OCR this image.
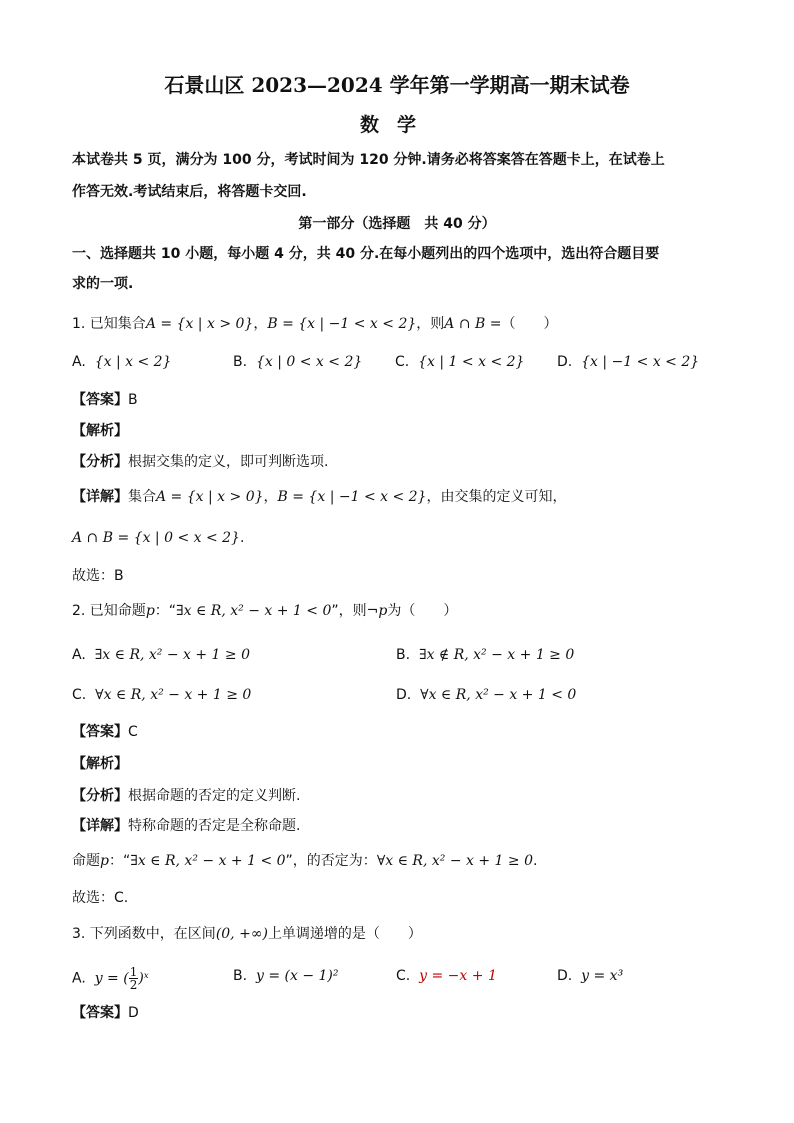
石景山区 2023—2024 学年第一学期高一期末试卷
数学
本试卷共 5 页，满分为 100 分，考试时间为 120 分钟.请务必将答案答在答题卡上，在试卷上
作答无效.考试结束后，将答题卡交回.
第一部分（选择题　共 40 分）
一、选择题共 10 小题，每小题 4 分，共 40 分.在每小题列出的四个选项中，选出符合题目要
求的一项.
1. 已知集合A = {x | x > 0}，B = {x | −1 < x < 2}，则A ∩ B =（　　）
A. {x | x < 2}	B. {x | 0 < x < 2} C. {x | 1 < x < 2} D. {x | −1 < x < 2}
【答案】B
【解析】
【分析】根据交集的定义，即可判断选项.
【详解】集合A = {x | x > 0}，B = {x | −1 < x < 2}，由交集的定义可知，
A ∩ B = {x | 0 < x < 2}.
故选：B
2. 已知命题p：“∃x ∈ R, x² − x + 1 < 0”，则¬p为（　　）
A. ∃x ∈ R, x² − x + 1 ≥ 0	B. ∃x ∉ R, x² − x + 1 ≥ 0
C. ∀x ∈ R, x² − x + 1 ≥ 0	D. ∀x ∈ R, x² − x + 1 < 0
【答案】C
【解析】
【分析】根据命题的否定的定义判断.
【详解】特称命题的否定是全称命题.
命题p：“∃x ∈ R, x² − x + 1 < 0”，的否定为：∀x ∈ R, x² − x + 1 ≥ 0.
故选：C.
3. 下列函数中，在区间(0, +∞)上单调递增的是（　　）
A. y = ( $\frac{1}{2}$ )ˣ	B. y = (x − 1)²	C. y = −x + 1	D. y = x³
【答案】D
